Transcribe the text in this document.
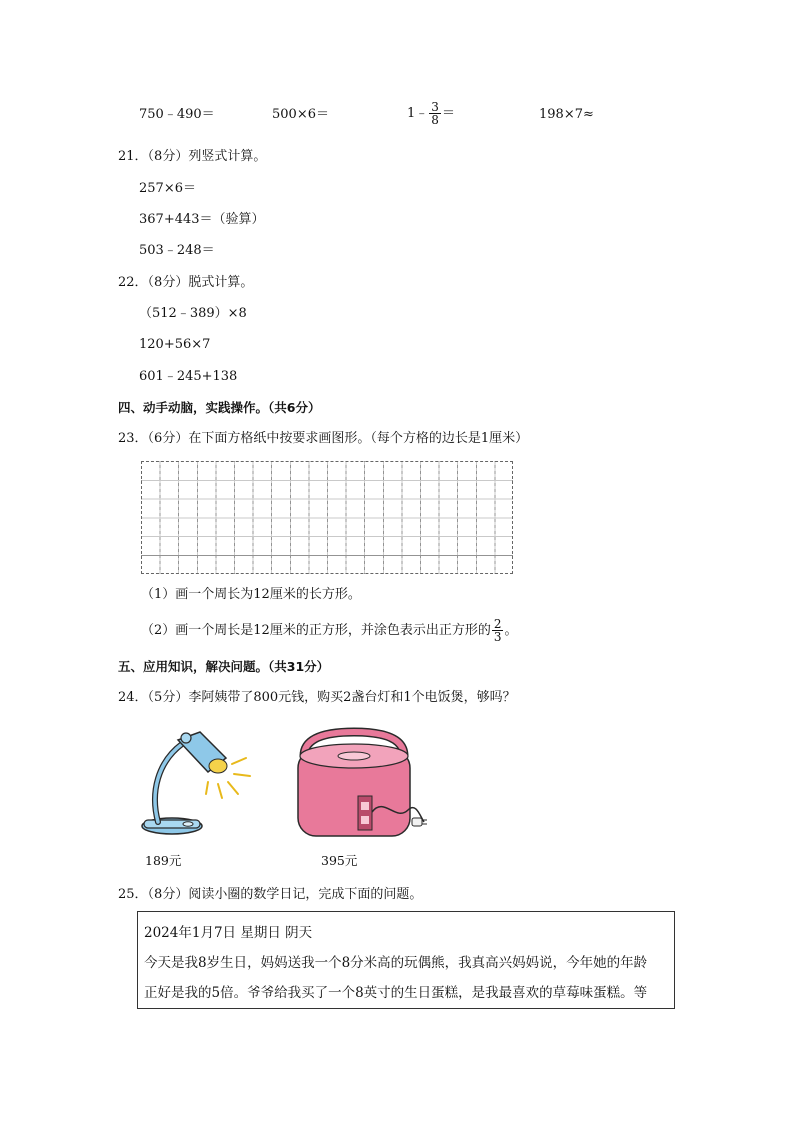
750﹣490＝	500×6＝	1﹣ $\frac{3}{8}$ ＝	198×7≈
21．（8分）列竖式计算。
257×6＝
367+443＝（验算）
503﹣248＝
22．（8分）脱式计算。
（512﹣389）×8
120+56×7
601﹣245+138
四、动手动脑，实践操作。（共6分）
23．（6分）在下面方格纸中按要求画图形。（每个方格的边长是1厘米）
（1）画一个周长为12厘米的长方形。
（2）画一个周长是12厘米的正方形，并涂色表示出正方形的 $\frac{2}{3}$ 。
五、应用知识，解决问题。（共31分）
24．（5分）李阿姨带了800元钱，购买2盏台灯和1个电饭煲，够吗？
189元	395元
25．（8分）阅读小圈的数学日记，完成下面的问题。
2024年1月7日 星期日 阴天
今天是我8岁生日，妈妈送我一个8分米高的玩偶熊，我真高兴妈妈说，今年她的年龄
正好是我的5倍。爷爷给我买了一个8英寸的生日蛋糕，是我最喜欢的草莓味蛋糕。等
